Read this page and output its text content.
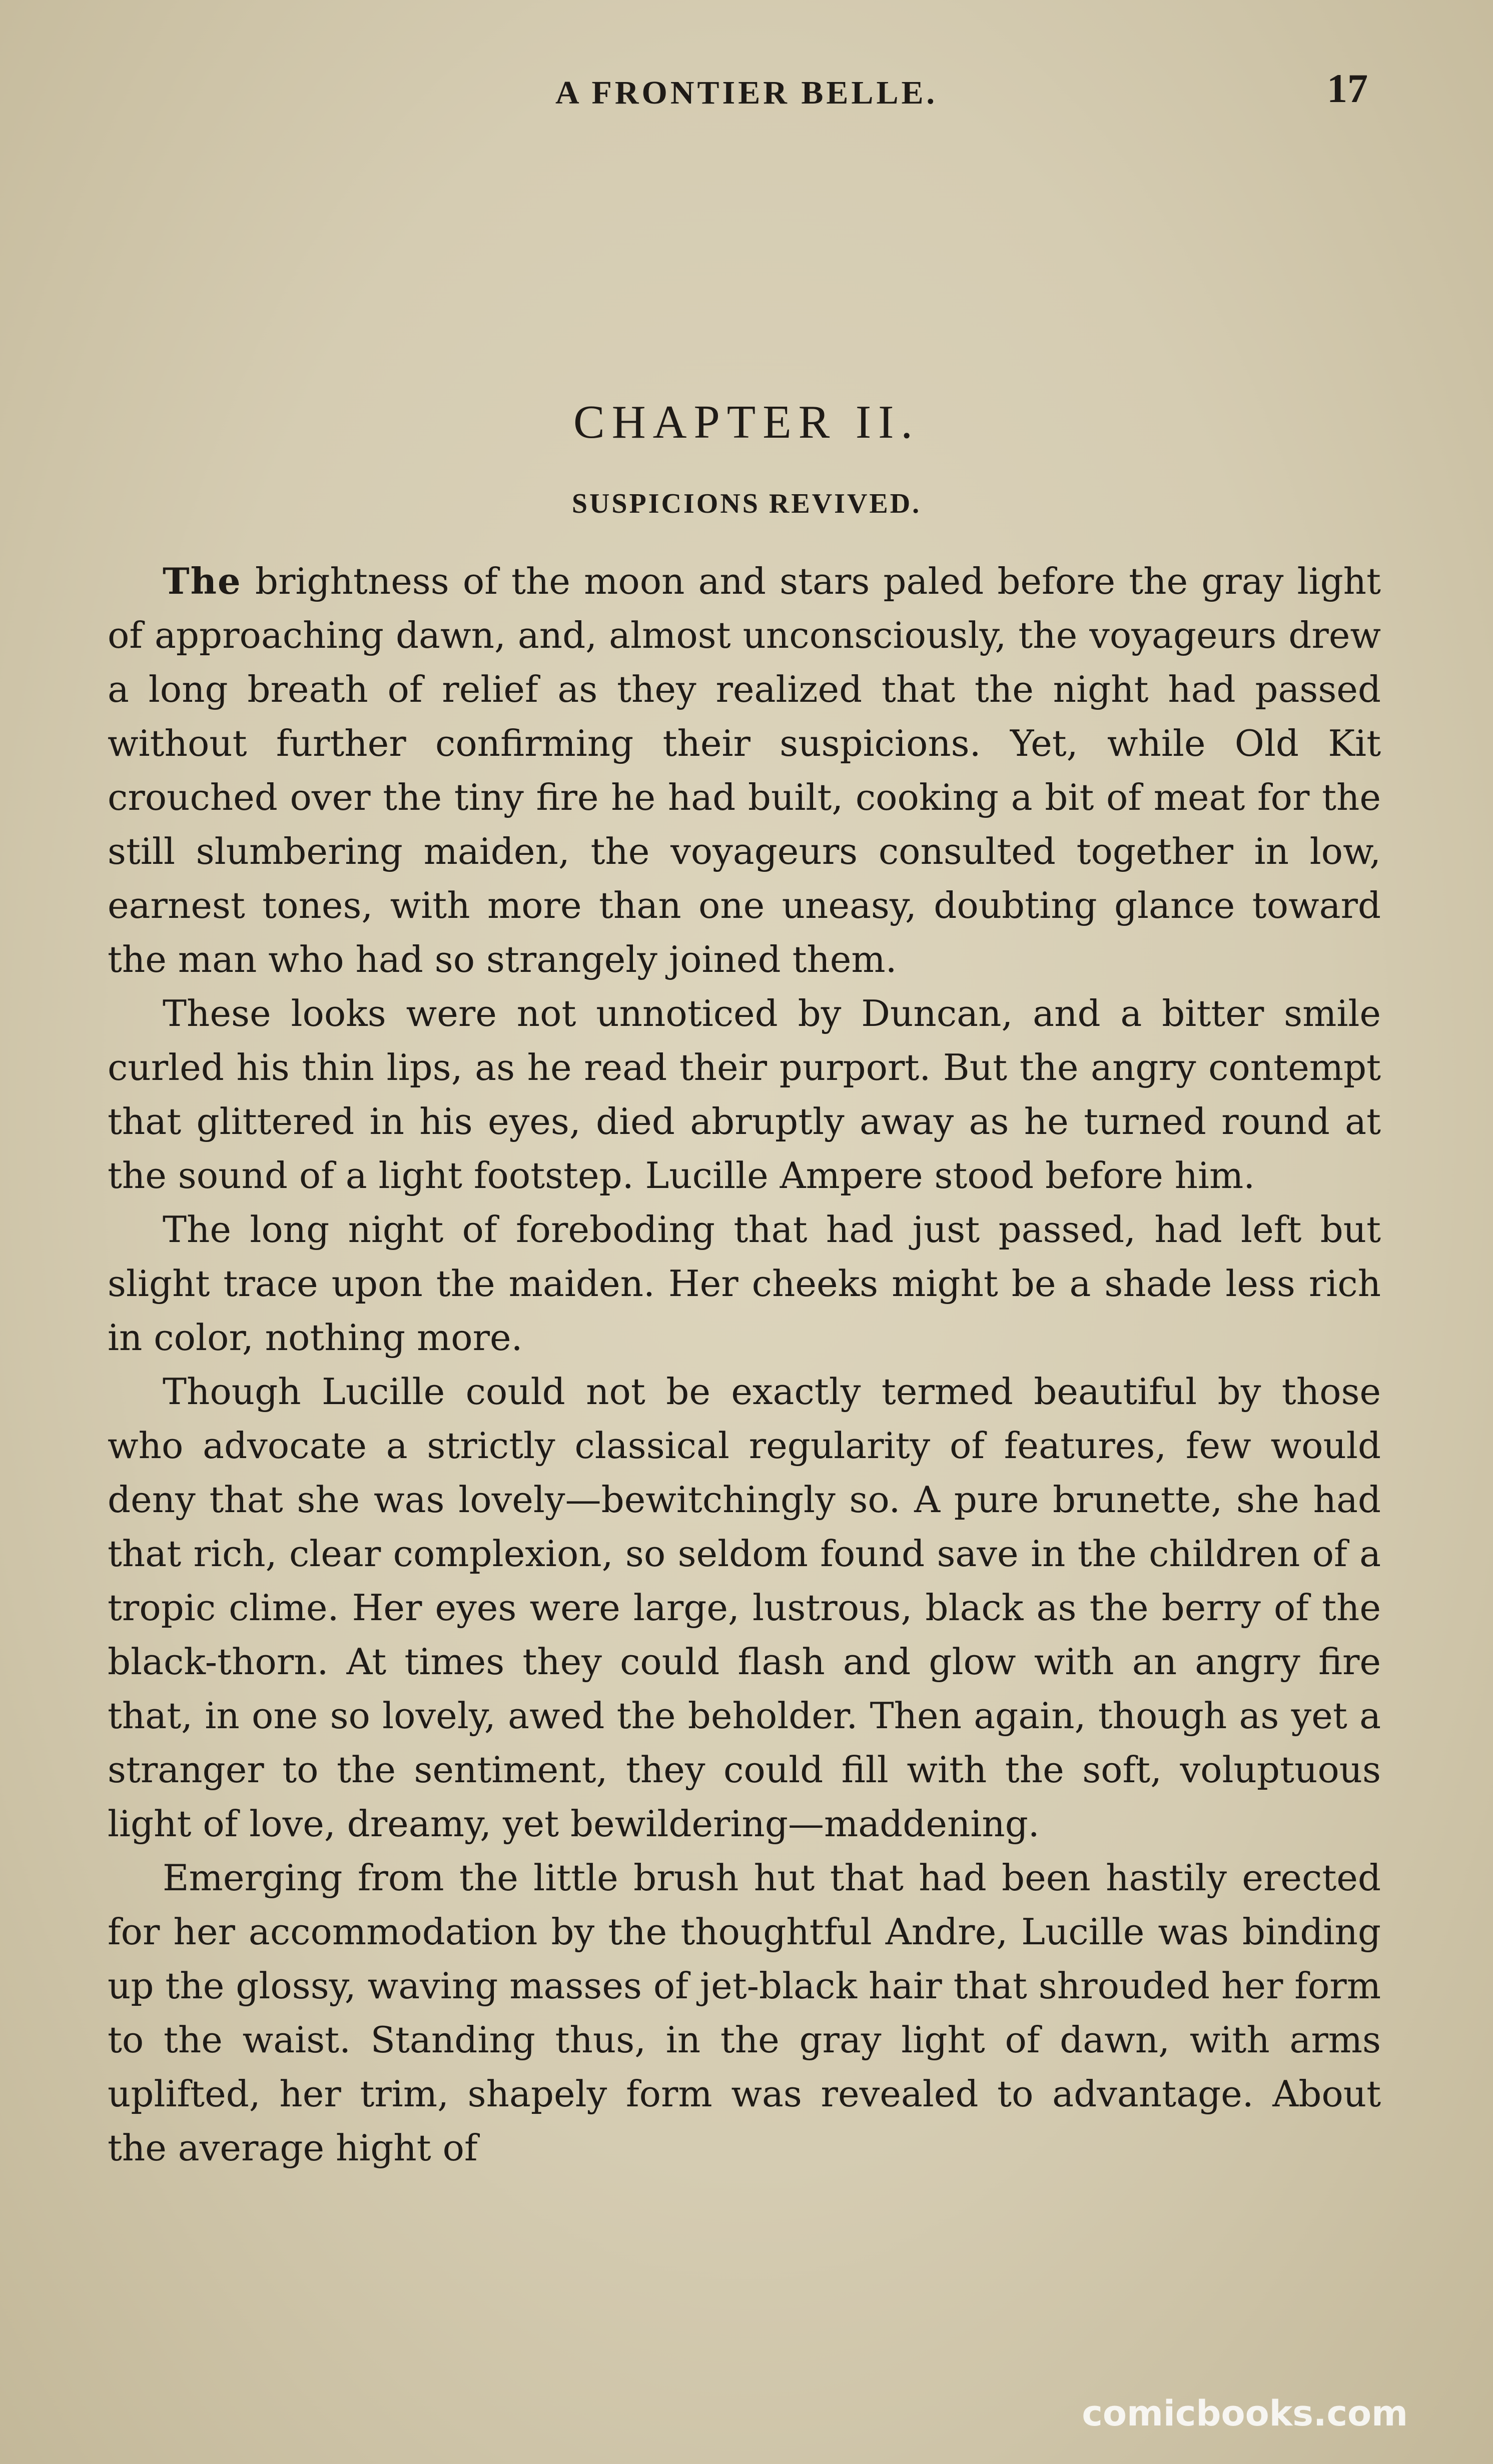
A FRONTIER BELLE.	17
CHAPTER II.
SUSPICIONS REVIVED.

The brightness of the moon and stars paled before the gray light of approaching dawn, and, almost unconsciously, the voyageurs drew a long breath of relief as they realized that the night had passed without further confirming their suspicions. Yet, while Old Kit crouched over the tiny fire he had built, cooking a bit of meat for the still slumbering maiden, the voyageurs consulted together in low, earnest tones, with more than one uneasy, doubting glance toward the man who had so strangely joined them.

These looks were not unnoticed by Duncan, and a bitter smile curled his thin lips, as he read their purport. But the angry contempt that glittered in his eyes, died abruptly away as he turned round at the sound of a light footstep. Lucille Ampere stood before him.

The long night of foreboding that had just passed, had left but slight trace upon the maiden. Her cheeks might be a shade less rich in color, nothing more.

Though Lucille could not be exactly termed beautiful by those who advocate a strictly classical regularity of features, few would deny that she was lovely—bewitchingly so. A pure brunette, she had that rich, clear complexion, so seldom found save in the children of a tropic clime. Her eyes were large, lustrous, black as the berry of the black-thorn. At times they could flash and glow with an angry fire that, in one so lovely, awed the beholder. Then again, though as yet a stranger to the sentiment, they could fill with the soft, voluptuous light of love, dreamy, yet bewildering—maddening.

Emerging from the little brush hut that had been hastily erected for her accommodation by the thoughtful Andre, Lucille was binding up the glossy, waving masses of jet-black hair that shrouded her form to the waist. Standing thus, in the gray light of dawn, with arms uplifted, her trim, shapely form was revealed to advantage. About the average hight of

comicbooks.com
